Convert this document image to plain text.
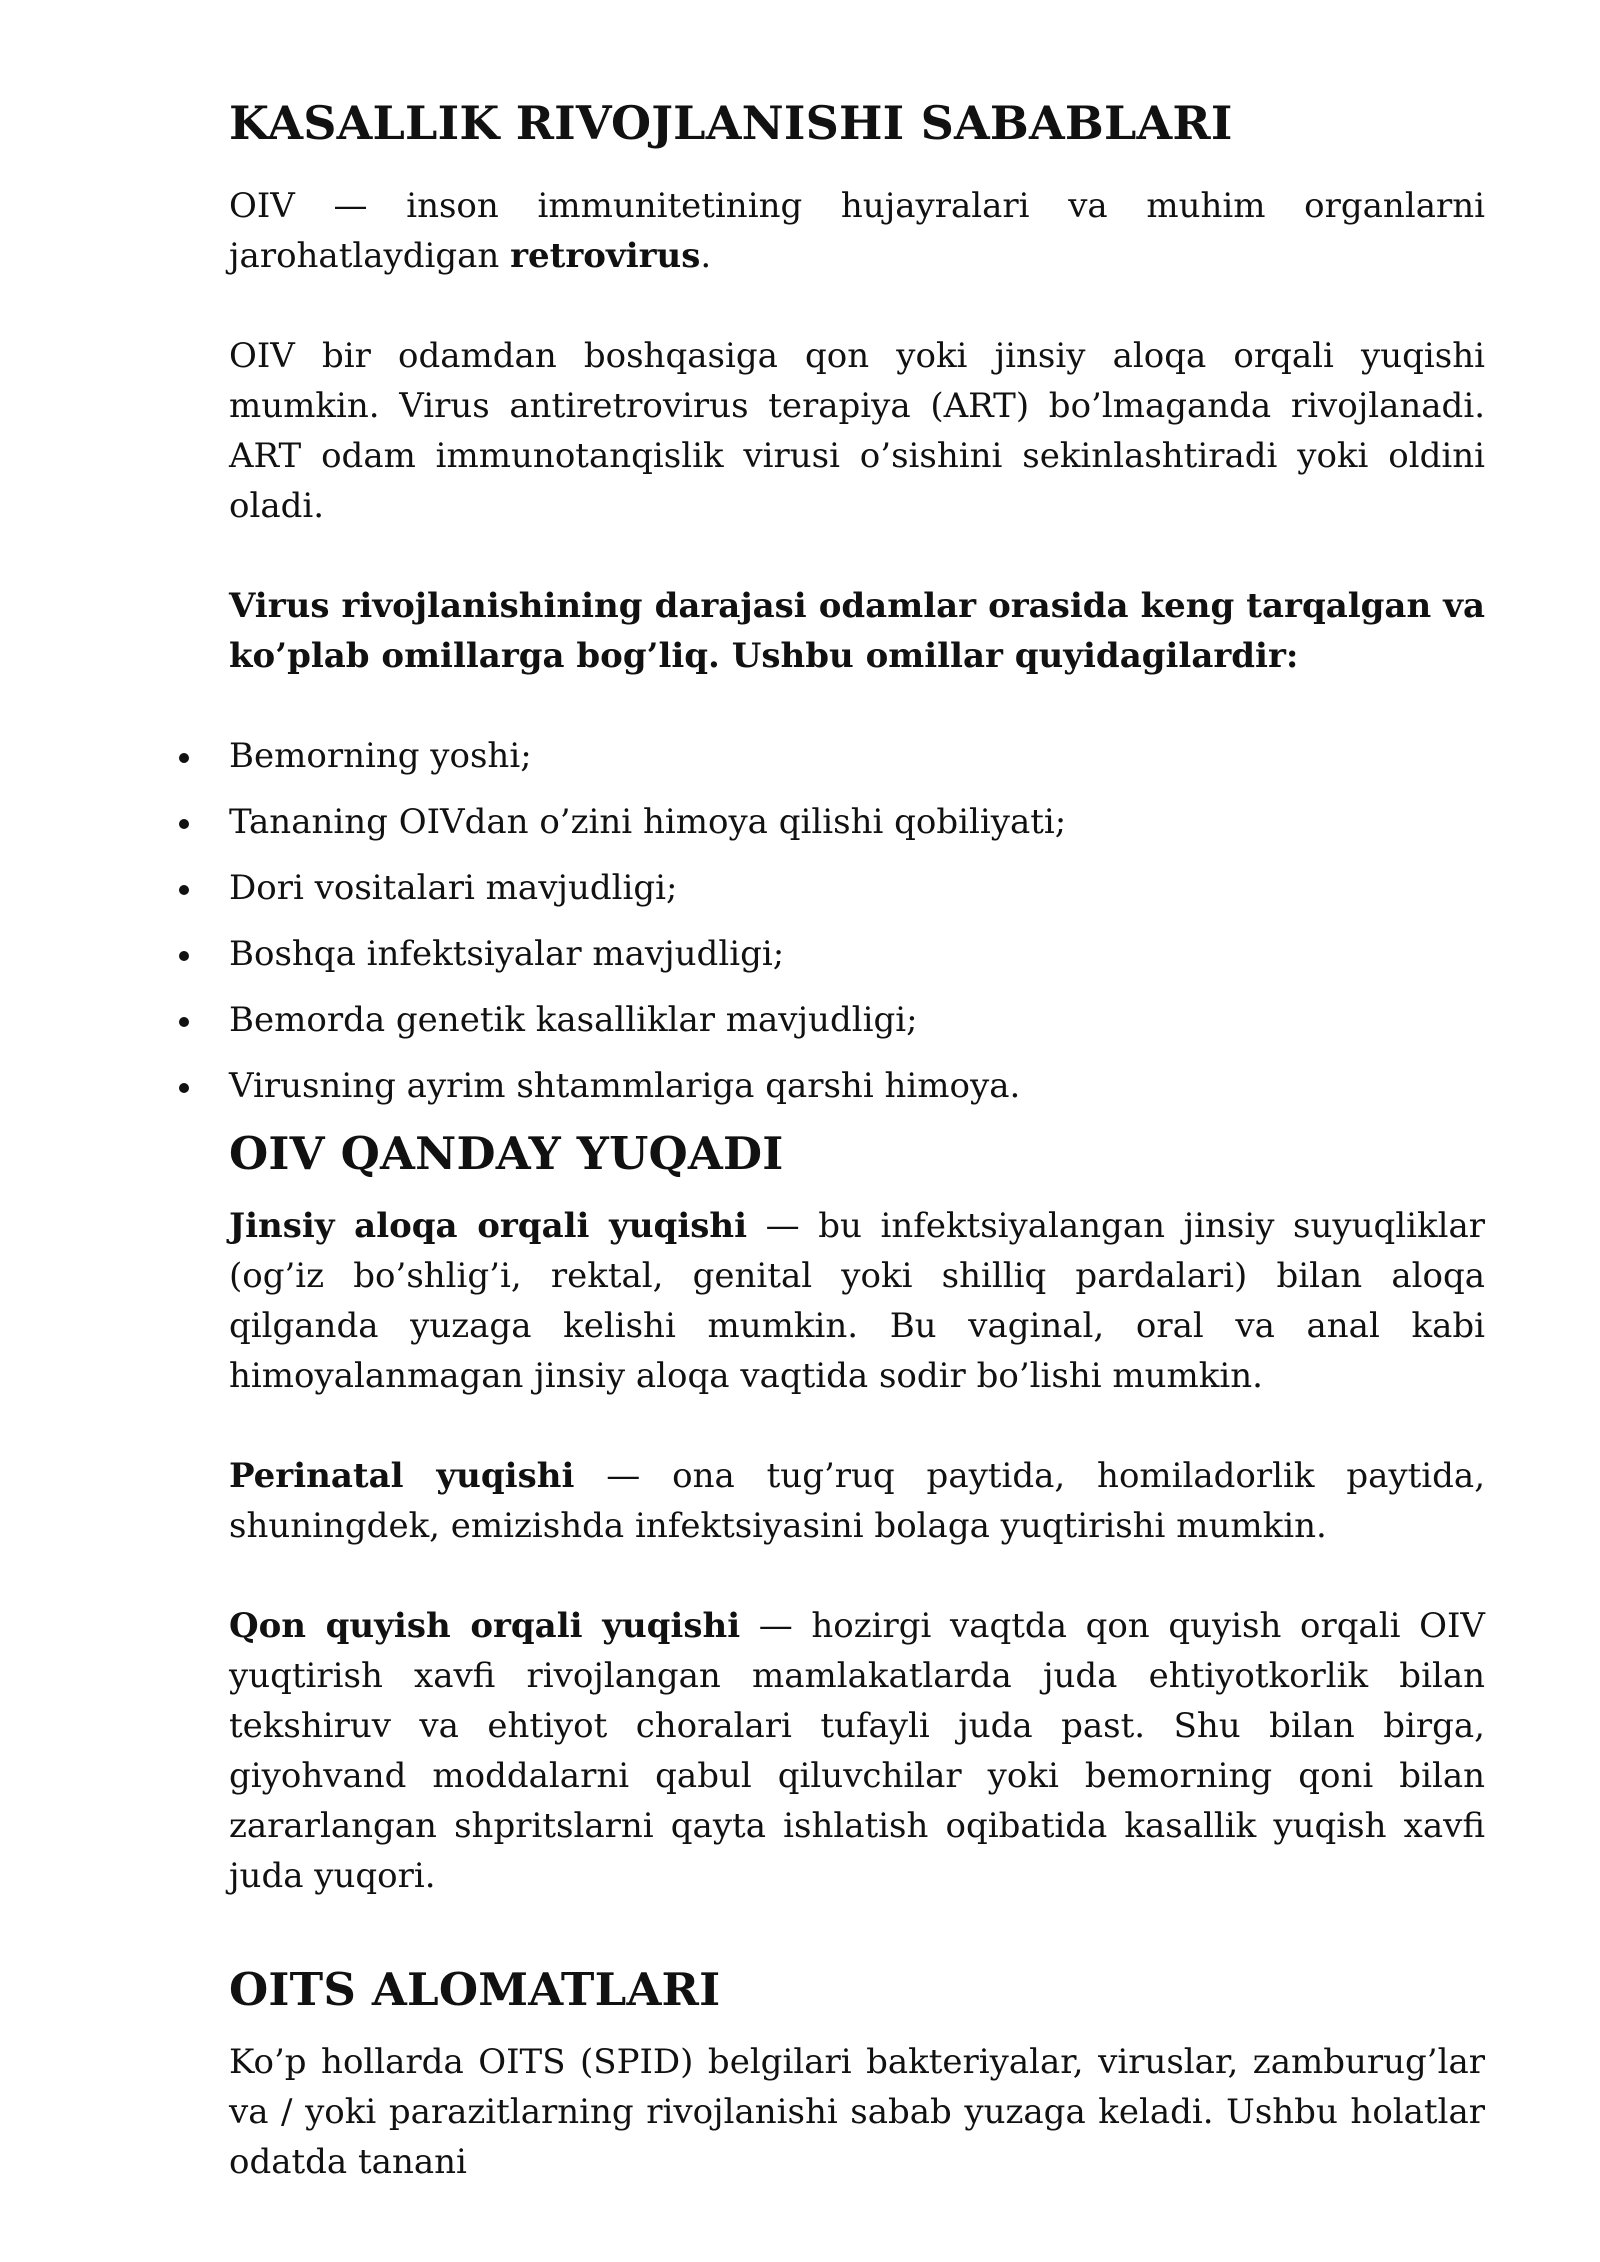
KASALLIK RIVOJLANISHI SABABLARI

OIV — inson immunitetining hujayralari va muhim organlarni jarohatlaydigan retrovirus.

OIV bir odamdan boshqasiga qon yoki jinsiy aloqa orqali yuqishi mumkin. Virus antiretrovirus terapiya (ART) bo’lmaganda rivojlanadi. ART odam immunotanqislik virusi o’sishini sekinlashtiradi yoki oldini oladi.

Virus rivojlanishining darajasi odamlar orasida keng tarqalgan va ko’plab omillarga bog’liq. Ushbu omillar quyidagilardir:

Bemorning yoshi;
Tananing OIVdan o’zini himoya qilishi qobiliyati;
Dori vositalari mavjudligi;
Boshqa infektsiyalar mavjudligi;
Bemorda genetik kasalliklar mavjudligi;
Virusning ayrim shtammlariga qarshi himoya.
OIV QANDAY YUQADI

Jinsiy aloqa orqali yuqishi — bu infektsiyalangan jinsiy suyuqliklar (og’iz bo’shlig’i, rektal, genital yoki shilliq pardalari) bilan aloqa qilganda yuzaga kelishi mumkin. Bu vaginal, oral va anal kabi himoyalanmagan jinsiy aloqa vaqtida sodir bo’lishi mumkin.

Perinatal yuqishi — ona tug’ruq paytida, homiladorlik paytida, shuningdek, emizishda infektsiyasini bolaga yuqtirishi mumkin.

Qon quyish orqali yuqishi — hozirgi vaqtda qon quyish orqali OIV yuqtirish xavfi rivojlangan mamlakatlarda juda ehtiyotkorlik bilan tekshiruv va ehtiyot choralari tufayli juda past. Shu bilan birga, giyohvand moddalarni qabul qiluvchilar yoki bemorning qoni bilan zararlangan shpritslarni qayta ishlatish oqibatida kasallik yuqish xavfi juda yuqori.

OITS ALOMATLARI

Ko’p hollarda OITS (SPID) belgilari bakteriyalar, viruslar, zamburug’lar va / yoki parazitlarning rivojlanishi sabab yuzaga keladi. Ushbu holatlar odatda tanani
